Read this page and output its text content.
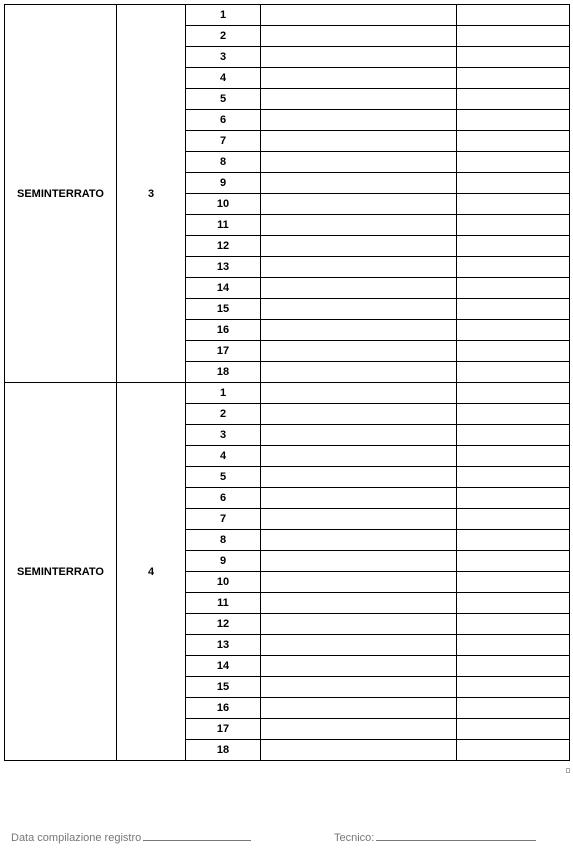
SEMINTERRATO	3	1		
		2		
		3		
		4		
		5		
		6		
		7		
		8		
		9		
		10		
		11		
		12		
		13		
		14		
		15		
		16		
		17		
		18		
SEMINTERRATO	4	1		
		2		
		3		
		4		
		5		
		6		
		7		
		8		
		9		
		10		
		11		
		12		
		13		
		14		
		15		
		16		
		17		
		18		
Data compilazione registro	Tecnico:
